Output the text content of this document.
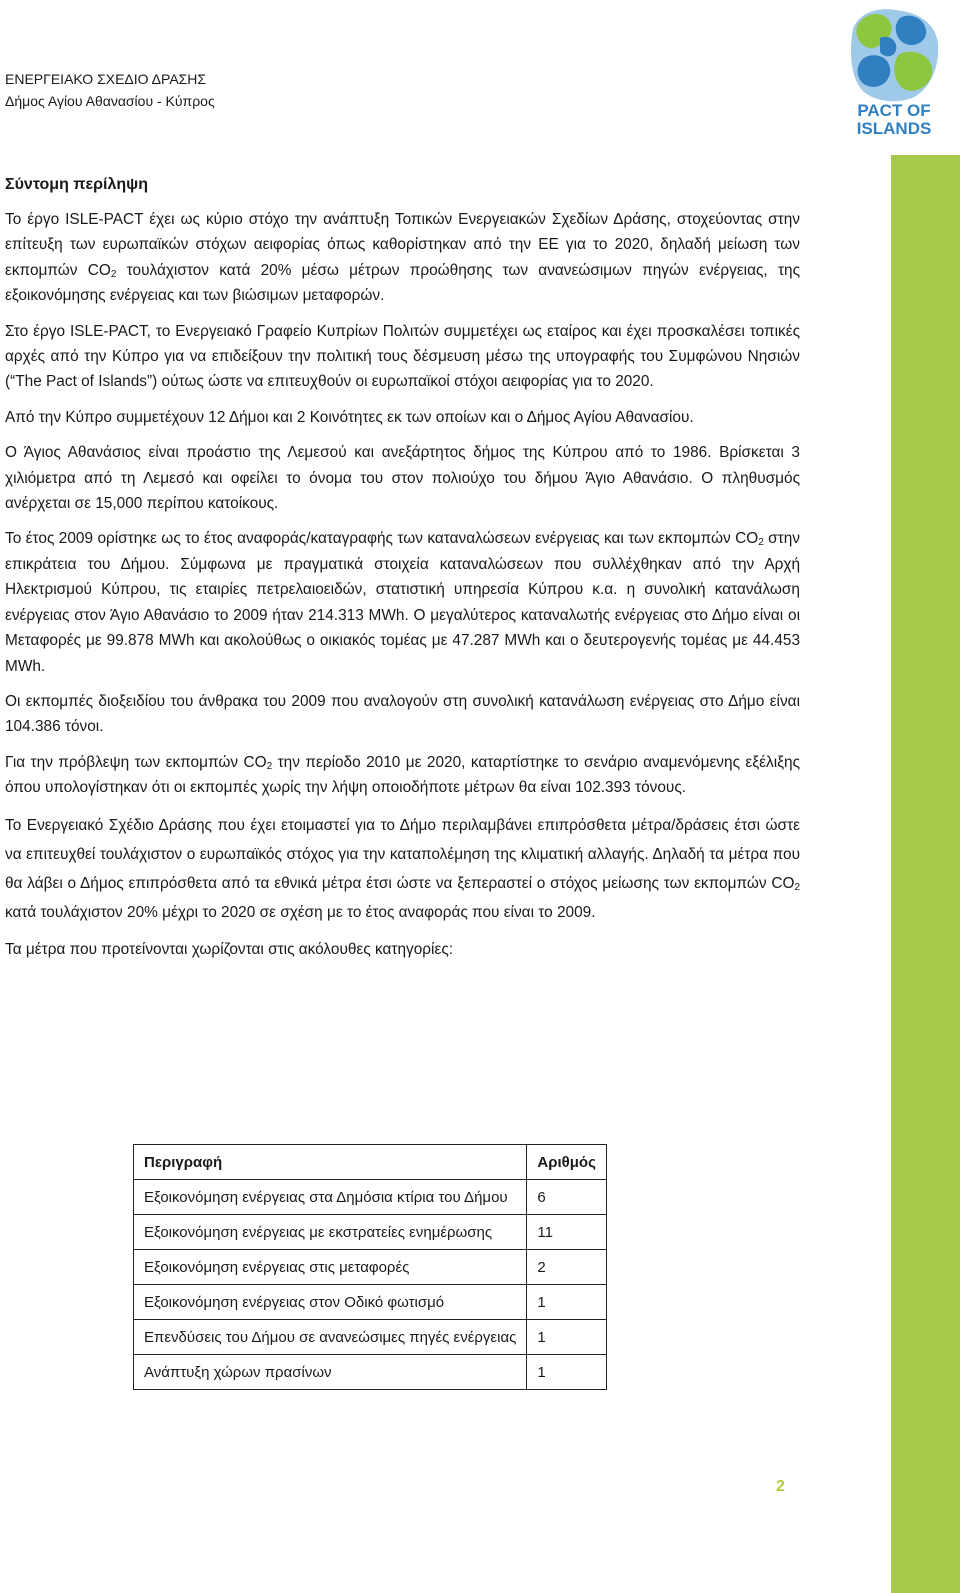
ΕΝΕΡΓΕΙΑΚΟ ΣΧΕΔΙΟ ΔΡΑΣΗΣ
Δήμος Αγίου Αθανασίου - Κύπρος	PACT OF
ISLANDS
Σύντομη περίληψη

Το έργο ISLE-PACT έχει ως κύριο στόχο την ανάπτυξη Τοπικών Ενεργειακών Σχεδίων Δράσης, στοχεύοντας στην επίτευξη των ευρωπαϊκών στόχων αειφορίας όπως καθορίστηκαν από την ΕΕ για το 2020, δηλαδή μείωση των εκπομπών $CO_2$ τουλάχιστον κατά 20% μέσω μέτρων προώθησης των ανανεώσιμων πηγών ενέργειας, της εξοικονόμησης ενέργειας και των βιώσιμων μεταφορών.

Στο έργο ISLE-PACT, το Ενεργειακό Γραφείο Κυπρίων Πολιτών συμμετέχει ως εταίρος και έχει προσκαλέσει τοπικές αρχές από την Κύπρο για να επιδείξουν την πολιτική τους δέσμευση μέσω της υπογραφής του Συμφώνου Νησιών (“The Pact of Islands”) ούτως ώστε να επιτευχθούν οι ευρωπαϊκοί στόχοι αειφορίας για το 2020.

Από την Κύπρο συμμετέχουν 12 Δήμοι και 2 Κοινότητες εκ των οποίων και ο Δήμος Αγίου Αθανασίου.

Ο Άγιος Αθανάσιος είναι προάστιο της Λεμεσού και ανεξάρτητος δήμος της Κύπρου από το 1986. Βρίσκεται 3 χιλιόμετρα από τη Λεμεσό και οφείλει το όνομα του στον πολιούχο του δήμου Άγιο Αθανάσιο. Ο πληθυσμός ανέρχεται σε 15,000 περίπου κατοίκους.

Το έτος 2009 ορίστηκε ως το έτος αναφοράς/καταγραφής των καταναλώσεων ενέργειας και των εκπομπών $CO_2$ στην επικράτεια του Δήμου. Σύμφωνα με πραγματικά στοιχεία καταναλώσεων που συλλέχθηκαν από την Αρχή Ηλεκτρισμού Κύπρου, τις εταιρίες πετρελαιοειδών, στατιστική υπηρεσία Κύπρου κ.α. η συνολική κατανάλωση ενέργειας στον Άγιο Αθανάσιο το 2009 ήταν 214.313 MWh. Ο μεγαλύτερος καταναλωτής ενέργειας στο Δήμο είναι οι Μεταφορές με 99.878 MWh και ακολούθως ο οικιακός τομέας με 47.287 MWh και ο δευτερογενής τομέας με 44.453 MWh.

Οι εκπομπές διοξειδίου του άνθρακα του 2009 που αναλογούν στη συνολική κατανάλωση ενέργειας στο Δήμο είναι 104.386 τόνοι.

Για την πρόβλεψη των εκπομπών $CO_2$ την περίοδο 2010 με 2020, καταρτίστηκε το σενάριο αναμενόμενης εξέλιξης όπου υπολογίστηκαν ότι οι εκπομπές χωρίς την λήψη οποιοδήποτε μέτρων θα είναι 102.393 τόνους.

Το Ενεργειακό Σχέδιο Δράσης που έχει ετοιμαστεί για το Δήμο περιλαμβάνει επιπρόσθετα μέτρα/δράσεις έτσι ώστε να επιτευχθεί τουλάχιστον ο ευρωπαϊκός στόχος για την καταπολέμηση της κλιματική αλλαγής. Δηλαδή τα μέτρα που θα λάβει ο Δήμος επιπρόσθετα από τα εθνικά μέτρα έτσι ώστε να ξεπεραστεί ο στόχος μείωσης των εκπομπών $CO_2$ κατά τουλάχιστον 20% μέχρι το 2020 σε σχέση με το έτος αναφοράς που είναι το 2009.

Τα μέτρα που προτείνονται χωρίζονται στις ακόλουθες κατηγορίες:

Περιγραφή	Αριθμός
Εξοικονόμηση ενέργειας στα Δημόσια κτίρια του Δήμου	6
Εξοικονόμηση ενέργειας με εκστρατείες ενημέρωσης	11
Εξοικονόμηση ενέργειας στις μεταφορές	2
Εξοικονόμηση ενέργειας στον Οδικό φωτισμό	1
Επενδύσεις του Δήμου σε ανανεώσιμες πηγές ενέργειας	1
Ανάπτυξη χώρων πρασίνων	1
2
